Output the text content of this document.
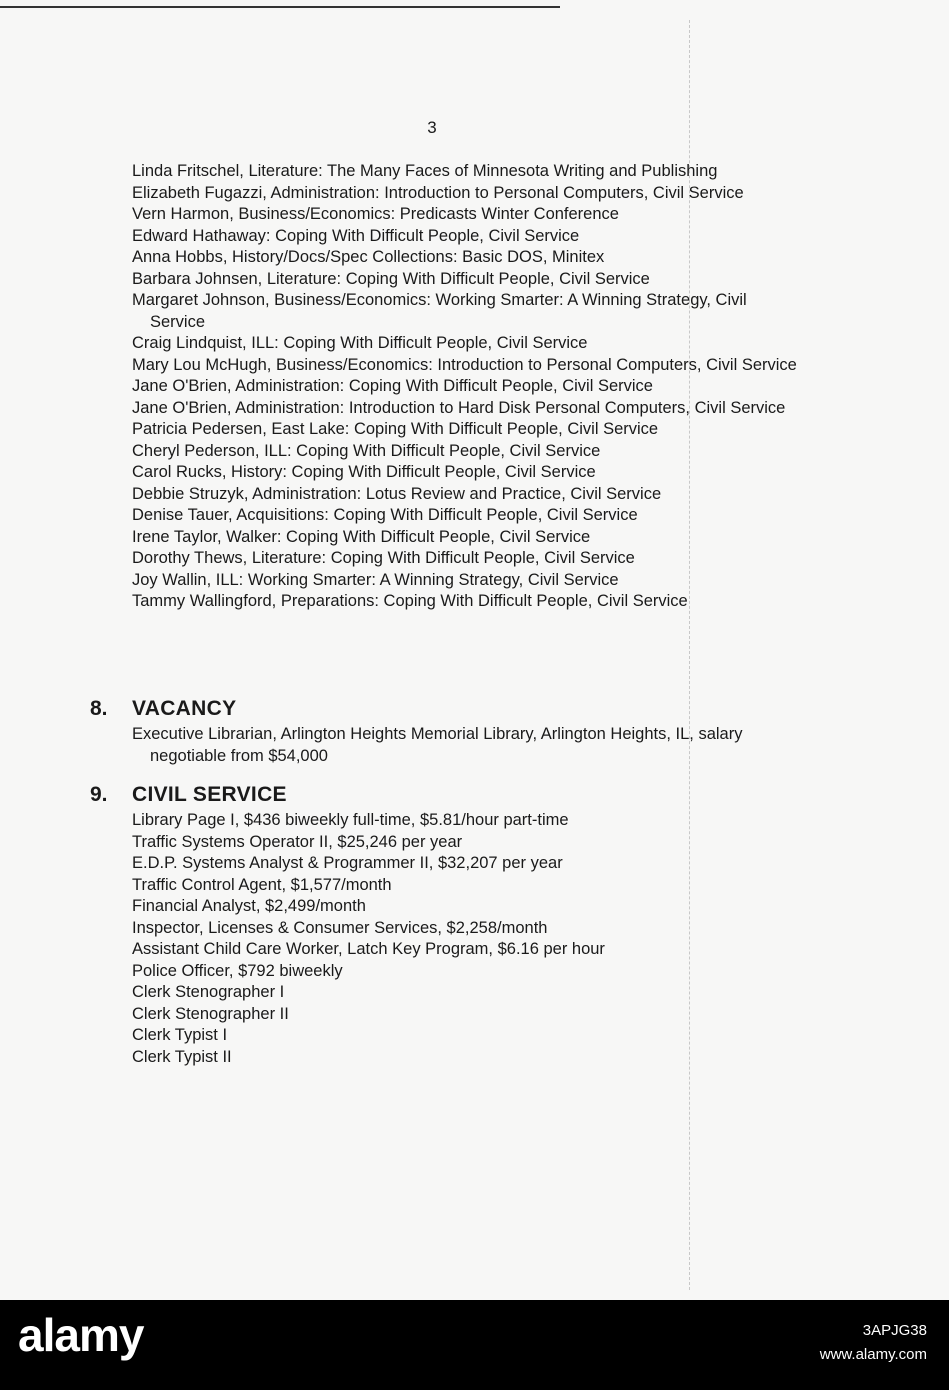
3

Linda Fritschel, Literature: The Many Faces of Minnesota Writing and Publishing

Elizabeth Fugazzi, Administration: Introduction to Personal Computers, Civil Service

Vern Harmon, Business/Economics: Predicasts Winter Conference

Edward Hathaway: Coping With Difficult People, Civil Service

Anna Hobbs, History/Docs/Spec Collections: Basic DOS, Minitex

Barbara Johnsen, Literature: Coping With Difficult People, Civil Service

Margaret Johnson, Business/Economics: Working Smarter: A Winning Strategy, Civil Service

Craig Lindquist, ILL: Coping With Difficult People, Civil Service

Mary Lou McHugh, Business/Economics: Introduction to Personal Computers, Civil Service

Jane O'Brien, Administration: Coping With Difficult People, Civil Service

Jane O'Brien, Administration: Introduction to Hard Disk Personal Computers, Civil Service

Patricia Pedersen, East Lake: Coping With Difficult People, Civil Service

Cheryl Pederson, ILL: Coping With Difficult People, Civil Service

Carol Rucks, History: Coping With Difficult People, Civil Service

Debbie Struzyk, Administration: Lotus Review and Practice, Civil Service

Denise Tauer, Acquisitions: Coping With Difficult People, Civil Service

Irene Taylor, Walker: Coping With Difficult People, Civil Service

Dorothy Thews, Literature: Coping With Difficult People, Civil Service

Joy Wallin, ILL: Working Smarter: A Winning Strategy, Civil Service

Tammy Wallingford, Preparations: Coping With Difficult People, Civil Service

8.	VACANCY

Executive Librarian, Arlington Heights Memorial Library, Arlington Heights, IL, salary negotiable from $54,000

9.	CIVIL SERVICE

Library Page I, $436 biweekly full-time, $5.81/hour part-time

Traffic Systems Operator II, $25,246 per year

E.D.P. Systems Analyst & Programmer II, $32,207 per year

Traffic Control Agent, $1,577/month

Financial Analyst, $2,499/month

Inspector, Licenses & Consumer Services, $2,258/month

Assistant Child Care Worker, Latch Key Program, $6.16 per hour

Police Officer, $792 biweekly

Clerk Stenographer I

Clerk Stenographer II

Clerk Typist I

Clerk Typist II

alamy	3APJG38
www.alamy.com
